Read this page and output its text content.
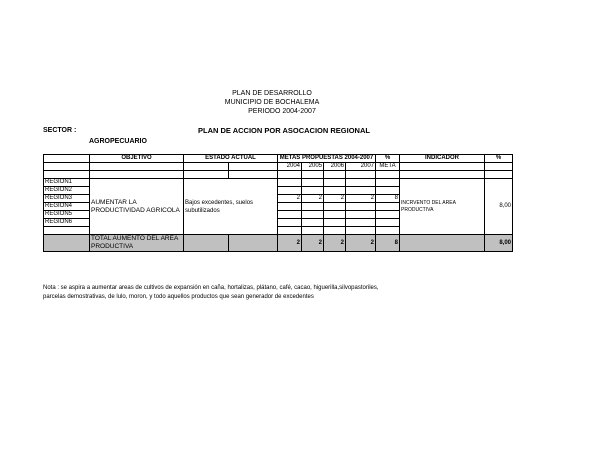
PLAN DE DESARROLLO
MUNICIPIO DE BOCHALEMA
PERIODO 2004-2007
SECTOR :	PLAN DE ACCION POR ASOCACION REGIONAL
AGROPECUARIO
	OBJETIVO	ESTADO ACTUAL		METAS PROPUESTAS 2004-2007				%	INDICADOR	%
				2004	2005	2006	2007	META		

REGION1	AUMENTAR LA PRODUCTIVIDAD AGRICOLA	Bajos excedentes, suelos subutilizados							INCRVENTO DEL AREA PRODUCTIVA	8,00
REGION2										
REGION3				2	2	2	2	8		
REGION4										
REGION5										
REGION6										

	TOTAL AUMENTO DEL AREA PRODUCTIVA			2	2	2	2	8		8,00
Nota : se aspira a aumentar areas de cultivos de expansión en caña, hortalizas, plátano, café, cacao, higuerilla,silvopastoriles,
parcelas demostrativas, de lulo, moron, y todo aquellos productos que sean generador de excedentes
